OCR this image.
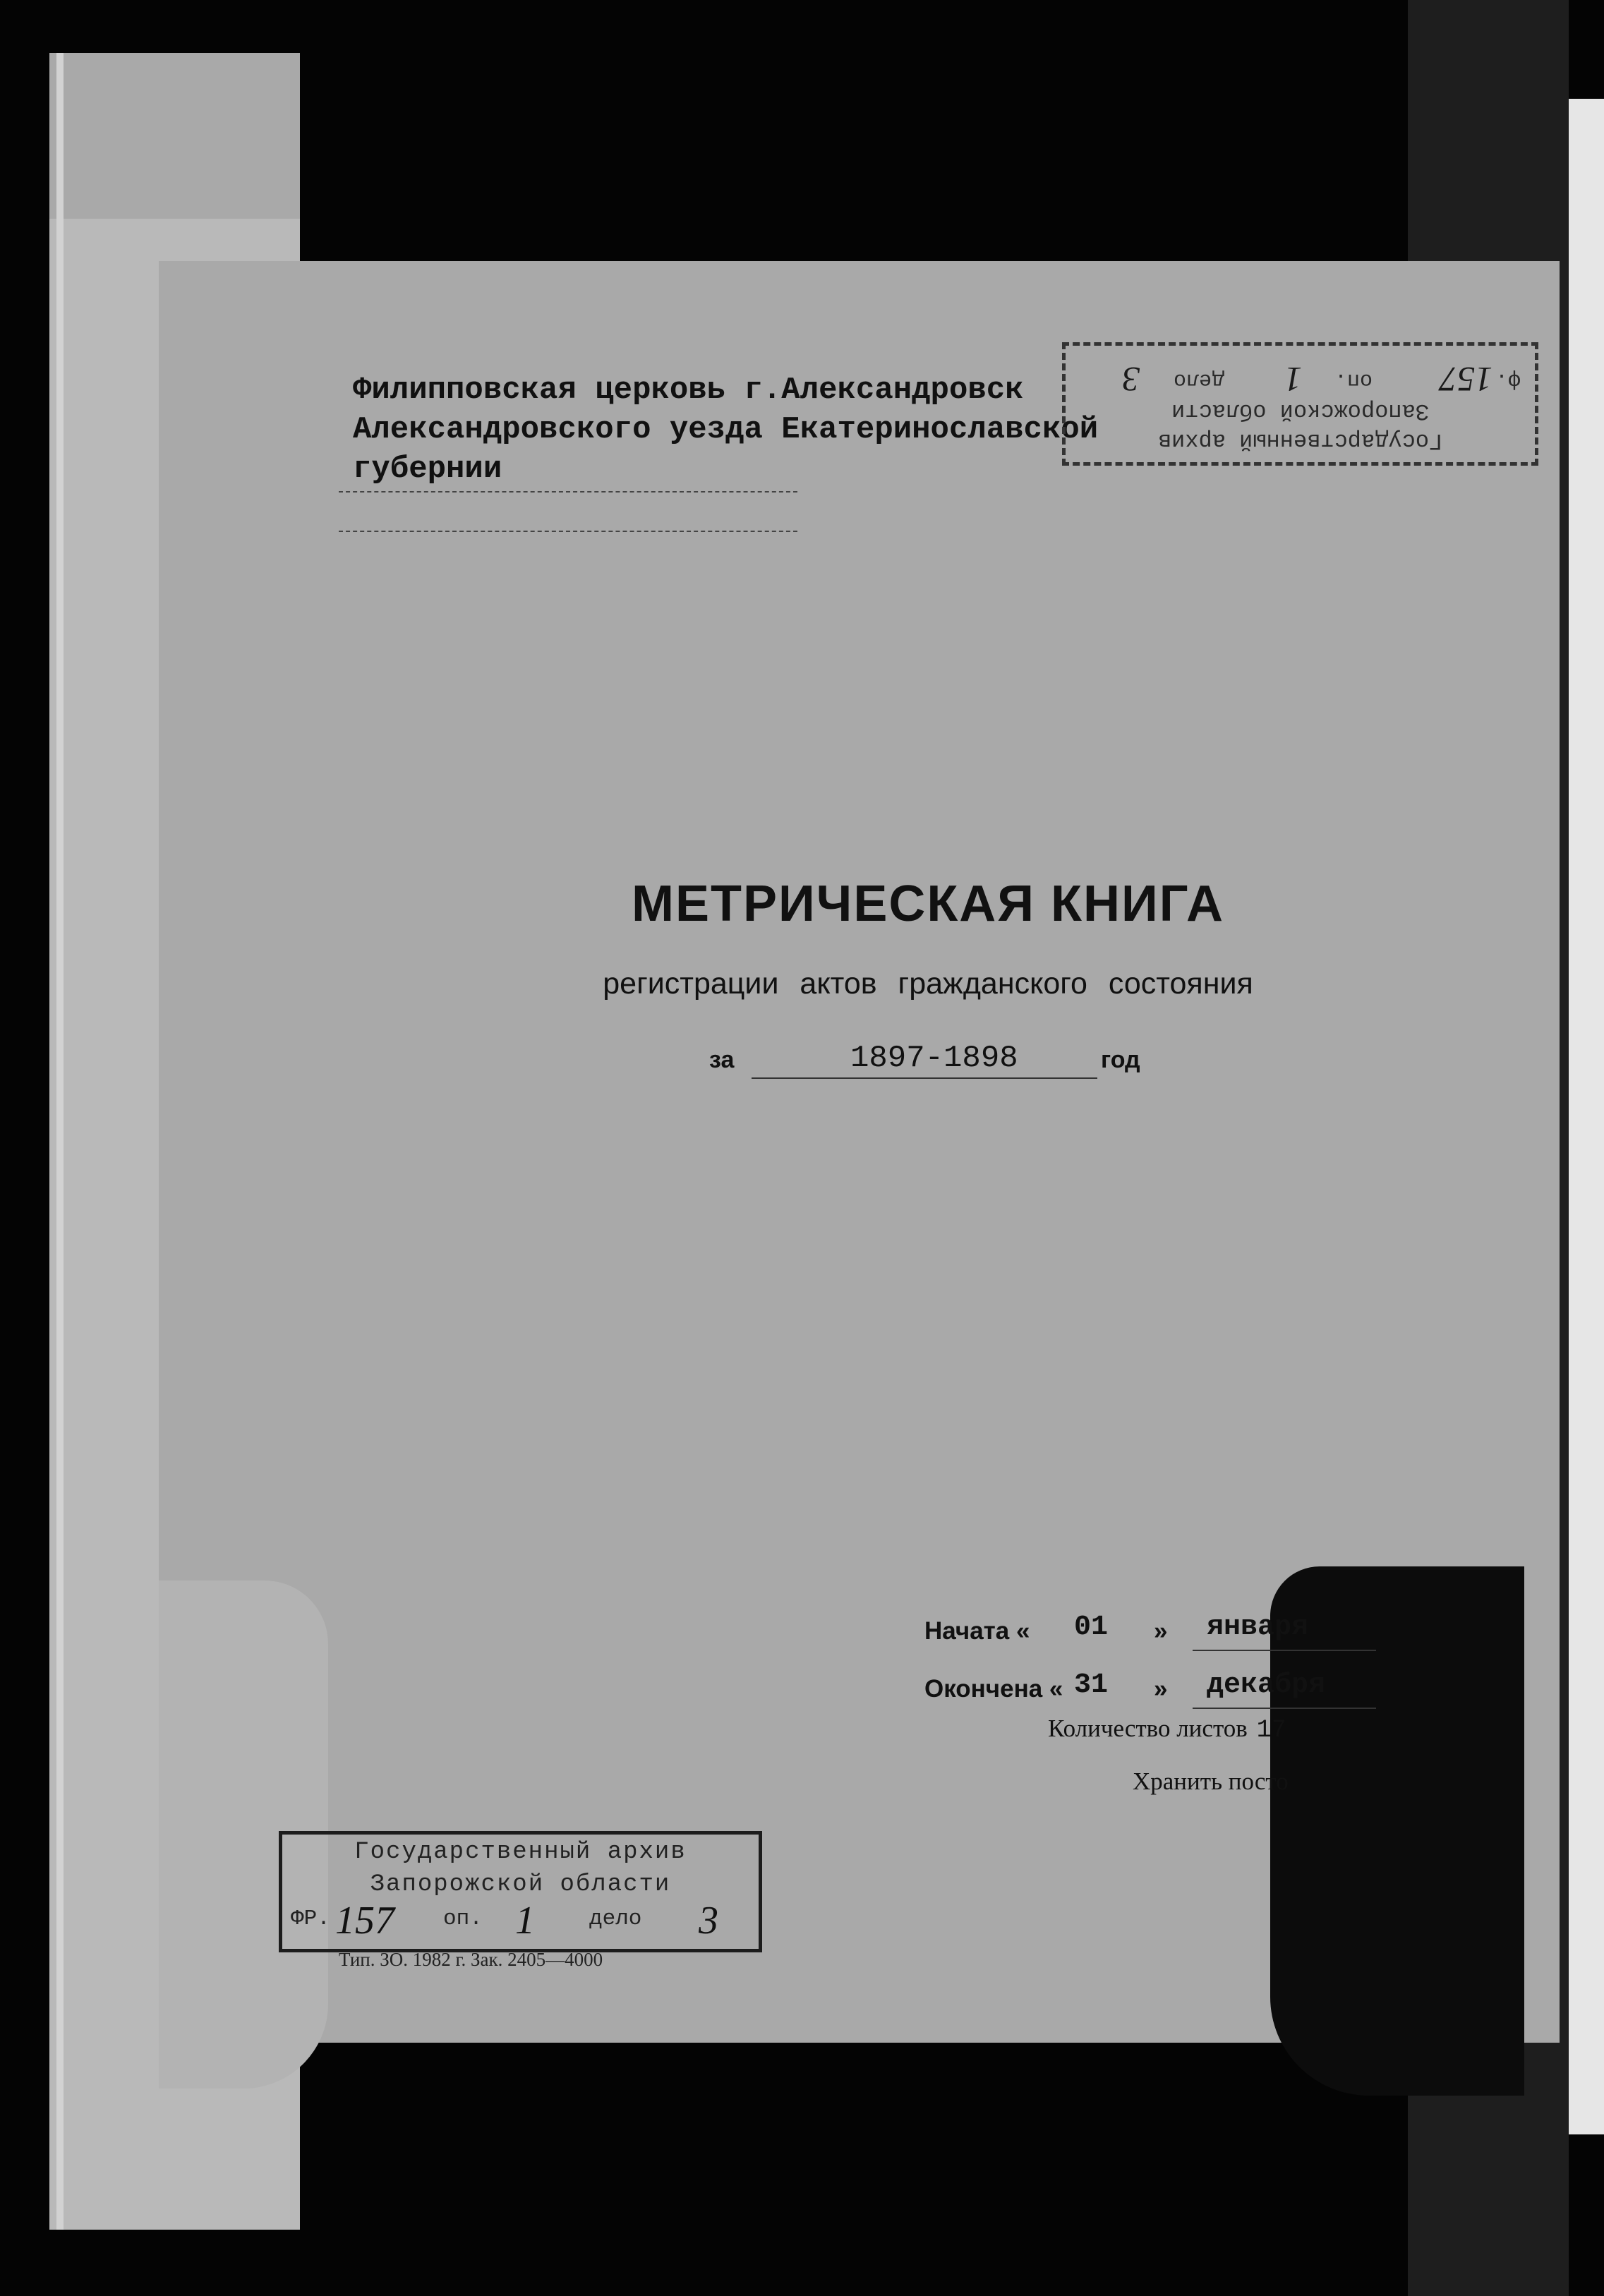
Филипповская церковь г.Александровск
Александровского уезда Екатеринославской
губернии
МЕТРИЧЕСКАЯ КНИГА
регистрации актов гражданского состояния
за	1897-1898	год
Начата « 01 » января
Окончена « 31 » декабря
Количество листов 17
Хранить посто
Государственный архив
Запорожской области
ф.
157
оп.
1
дело
3
Государственный архив
Запорожской области
ФР. 157 оп. 1 дело 3
Тип. ЗО. 1982 г. Зак. 2405—4000
